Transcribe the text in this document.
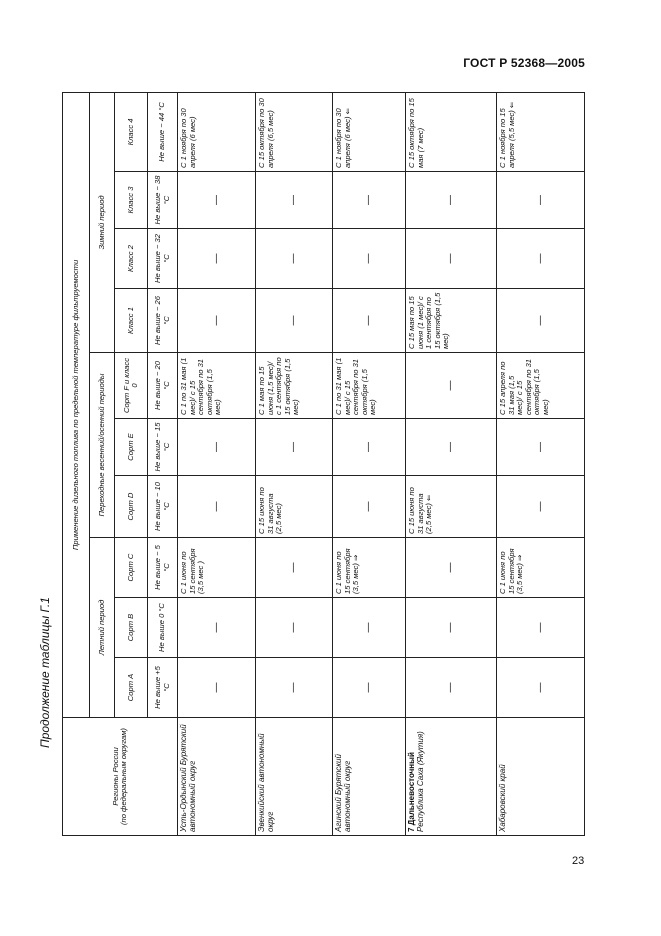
ГОСТ Р 52368—2005
Продолжение таблицы Г.1
Регионы России
(по федеральным округам)	Применение дизельного топлива по предельной температуре фильтруемости									
	Летний период			Переходные весенний/осенний периоды			Зимний период			
	Сорт A	Сорт B	Сорт C	Сорт D	Сорт E	Сорт F и класс 0	Класс 1	Класс 2	Класс 3	Класс 4
	Не выше +5 °C	Не выше 0 °C	Не выше − 5 °C	Не выше − 10 °C	Не выше − 15 °C	Не выше − 20 °C	Не выше − 26 °C	Не выше − 32 °C	Не выше − 38 °C	Не выше − 44 °C
Усть-Ордынский Бурятский автономный округ	—	—	С 1 июня по 15 сентября (3,5 мес )	—	—	С 1 по 31 мая (1 мес)/ с 15 сентября по 31 октября (1,5 мес)	—	—	—	С 1 ноября по 30 апреля (6 мес)
Эвенкийский автономный округ	—	—	—	С 15 июня по 31 августа (2,5 мес)	—	С 1 мая по 15 июня (1,5 мес)/ с 1 сентября по 15 октября (1,5 мес)	—	—	—	С 15 октября по 30 апреля (6,5 мес)
Агинский Бурятский автономный округ	—	—	С 1 июня по 15 сентября (3,5 мес) ⇒	—	—	С 1 по 31 мая (1 мес)/ с 15 сентября по 31 октября (1,5 мес)	—	—	—	С 1 ноября по 30 апреля (6 мес) ⇐

7 Дальневосточный Республика Саха (Якутия)	—	—	—	С 15 июня по 31 августа (2,5 мес) ⇐	—	—	С 15 мая по 15 июня (1 мес)/ с 1 сентября по 15 октября (1,5 мес)	—	—	С 15 октября по 15 мая (7 мес)
Хабаровский край	—	—	С 1 июня по 15 сентября (3,5 мес) ⇒	—	—	С 15 апреля по 31 мая (1,5 мес)/ с 15 сентября по 31 октября (1,5 мес)	—	—	—	С 1 ноября по 15 апреля (5,5 мес) ⇐
23
